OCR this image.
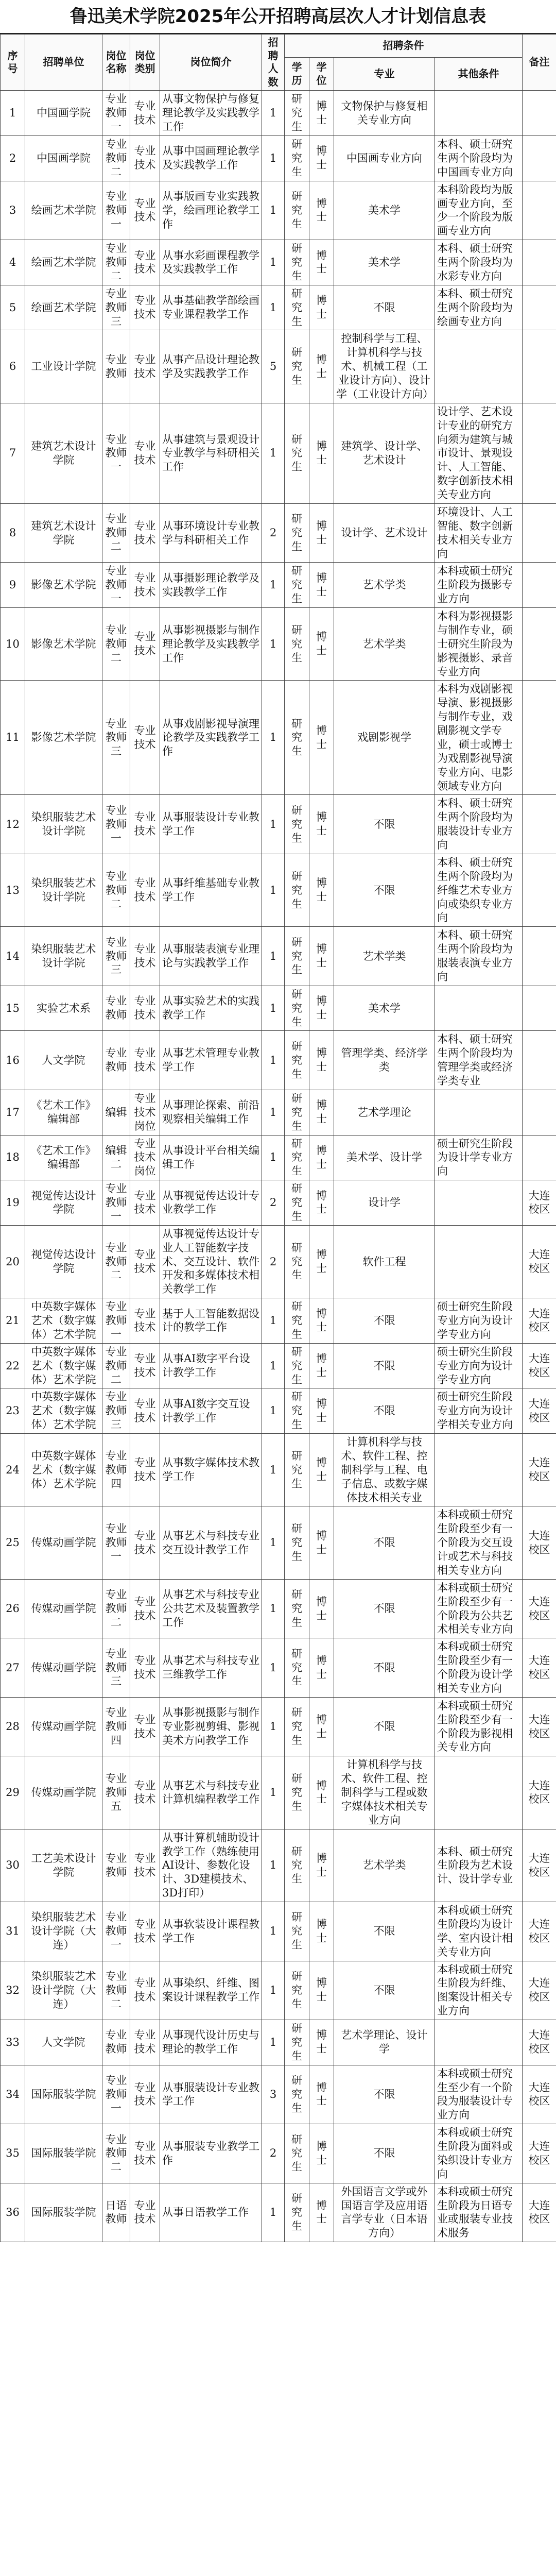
鲁迅美术学院2025年公开招聘高层次人才计划信息表
序号	招聘单位	岗位名称	岗位类别	岗位简介	招聘人数	招聘条件				备注
						学历	学位	专业	其他条件	
1	中国画学院	专业教师一	专业技术	从事文物保护与修复理论教学及实践教学工作	1	研究生	博士	文物保护与修复相关专业方向		
2	中国画学院	专业教师二	专业技术	从事中国画理论教学及实践教学工作	1	研究生	博士	中国画专业方向	本科、硕士研究生两个阶段均为中国画专业方向	
3	绘画艺术学院	专业教师一	专业技术	从事版画专业实践教学，绘画理论教学工作	1	研究生	博士	美术学	本科阶段均为版画专业方向，至少一个阶段为版画专业方向	
4	绘画艺术学院	专业教师二	专业技术	从事水彩画课程教学及实践教学工作	1	研究生	博士	美术学	本科、硕士研究生两个阶段均为水彩专业方向	
5	绘画艺术学院	专业教师三	专业技术	从事基础教学部绘画专业课程教学工作	1	研究生	博士	不限	本科、硕士研究生两个阶段均为绘画专业方向	
6	工业设计学院	专业教师	专业技术	从事产品设计理论教学及实践教学工作	5	研究生	博士	控制科学与工程、计算机科学与技术、机械工程（工业设计方向）、设计学（工业设计方向）		
7	建筑艺术设计学院	专业教师一	专业技术	从事建筑与景观设计专业教学与科研相关工作	1	研究生	博士	建筑学、设计学、艺术设计	设计学、艺术设计专业的研究方向须为建筑与城市设计、景观设计、人工智能、数字创新技术相关专业方向	
8	建筑艺术设计学院	专业教师二	专业技术	从事环境设计专业教学与科研相关工作	2	研究生	博士	设计学、艺术设计	环境设计、人工智能、数字创新技术相关专业方向	
9	影像艺术学院	专业教师一	专业技术	从事摄影理论教学及实践教学工作	1	研究生	博士	艺术学类	本科或硕士研究生阶段为摄影专业方向	
10	影像艺术学院	专业教师二	专业技术	从事影视摄影与制作理论教学及实践教学工作	1	研究生	博士	艺术学类	本科为影视摄影与制作专业，硕士研究生阶段为影视摄影、录音专业方向	
11	影像艺术学院	专业教师三	专业技术	从事戏剧影视导演理论教学及实践教学工作	1	研究生	博士	戏剧影视学	本科为戏剧影视导演、影视摄影与制作专业，戏剧影视文学专业，硕士或博士为戏剧影视导演专业方向、电影领域专业方向	
12	染织服装艺术设计学院	专业教师一	专业技术	从事服装设计专业教学工作	1	研究生	博士	不限	本科、硕士研究生两个阶段均为服装设计专业方向	
13	染织服装艺术设计学院	专业教师二	专业技术	从事纤维基础专业教学工作	1	研究生	博士	不限	本科、硕士研究生两个阶段均为纤维艺术专业方向或染织专业方向	
14	染织服装艺术设计学院	专业教师三	专业技术	从事服装表演专业理论与实践教学工作	1	研究生	博士	艺术学类	本科、硕士研究生两个阶段均为服装表演专业方向	
15	实验艺术系	专业教师	专业技术	从事实验艺术的实践教学工作	1	研究生	博士	美术学		
16	人文学院	专业教师	专业技术	从事艺术管理专业教学工作	1	研究生	博士	管理学类、经济学类	本科、硕士研究生两个阶段均为管理学类或经济学类专业	
17	《艺术工作》编辑部	编辑	专业技术岗位	从事理论探索、前沿观察相关编辑工作	1	研究生	博士	艺术学理论		
18	《艺术工作》编辑部	编辑二	专业技术岗位	从事设计平台相关编辑工作	1	研究生	博士	美术学、设计学	硕士研究生阶段为设计学专业方向	
19	视觉传达设计学院	专业教师一	专业技术	从事视觉传达设计专业教学工作	2	研究生	博士	设计学		大连校区
20	视觉传达设计学院	专业教师二	专业技术	从事视觉传达设计专业人工智能数字技术、交互设计、软件开发和多媒体技术相关教学工作	2	研究生	博士	软件工程		大连校区
21	中英数字媒体艺术（数字媒体）艺术学院	专业教师一	专业技术	基于人工智能数据设计的教学工作	1	研究生	博士	不限	硕士研究生阶段专业方向为设计学专业方向	大连校区
22	中英数字媒体艺术（数字媒体）艺术学院	专业教师二	专业技术	从事AI数字平台设计教学工作	1	研究生	博士	不限	硕士研究生阶段专业方向为设计学专业方向	大连校区
23	中英数字媒体艺术（数字媒体）艺术学院	专业教师三	专业技术	从事AI数字交互设计教学工作	1	研究生	博士	不限	硕士研究生阶段专业方向为设计学相关专业方向	大连校区
24	中英数字媒体艺术（数字媒体）艺术学院	专业教师四	专业技术	从事数字媒体技术教学工作	1	研究生	博士	计算机科学与技术、软件工程、控制科学与工程、电子信息、或数字媒体技术相关专业		大连校区
25	传媒动画学院	专业教师一	专业技术	从事艺术与科技专业交互设计教学工作	1	研究生	博士	不限	本科或硕士研究生阶段至少有一个阶段为交互设计或艺术与科技相关专业方向	大连校区
26	传媒动画学院	专业教师二	专业技术	从事艺术与科技专业公共艺术及装置教学工作	1	研究生	博士	不限	本科或硕士研究生阶段至少有一个阶段为公共艺术相关专业方向	大连校区
27	传媒动画学院	专业教师三	专业技术	从事艺术与科技专业三维教学工作	1	研究生	博士	不限	本科或硕士研究生阶段至少有一个阶段为设计学相关专业方向	大连校区
28	传媒动画学院	专业教师四	专业技术	从事影视摄影与制作专业影视剪辑、影视美术方向教学工作	1	研究生	博士	不限	本科或硕士研究生阶段至少有一个阶段为影视相关专业方向	大连校区
29	传媒动画学院	专业教师五	专业技术	从事艺术与科技专业计算机编程教学工作	1	研究生	博士	计算机科学与技术、软件工程、控制科学与工程或数字媒体技术相关专业方向		大连校区
30	工艺美术设计学院	专业教师	专业技术	从事计算机辅助设计教学工作（熟练使用AI设计、参数化设计、3D建模技术、3D打印）	1	研究生	博士	艺术学类	本科、硕士研究生阶段为艺术设计、设计学专业	大连校区
31	染织服装艺术设计学院（大连）	专业教师一	专业技术	从事软装设计课程教学工作	1	研究生	博士	不限	本科或硕士研究生阶段均为设计学、室内设计相关专业方向	大连校区
32	染织服装艺术设计学院（大连）	专业教师二	专业技术	从事染织、纤维、图案设计课程教学工作	1	研究生	博士	不限	本科或硕士研究生阶段为纤维、图案设计相关专业方向	大连校区
33	人文学院	专业教师	专业技术	从事现代设计历史与理论的教学工作	1	研究生	博士	艺术学理论、设计学		大连校区
34	国际服装学院	专业教师一	专业技术	从事服装设计专业教学工作	3	研究生	博士	不限	本科或硕士研究生至少有一个阶段为服装设计专业方向	大连校区
35	国际服装学院	专业教师二	专业技术	从事服装专业教学工作	2	研究生	博士	不限	本科或硕士研究生阶段为面料或染织设计专业方向	大连校区
36	国际服装学院	日语教师	专业技术	从事日语教学工作	1	研究生	博士	外国语言文学或外国语言学及应用语言学专业（日本语方向）	本科或硕士研究生阶段为日语专业或服装专业技术服务	大连校区
